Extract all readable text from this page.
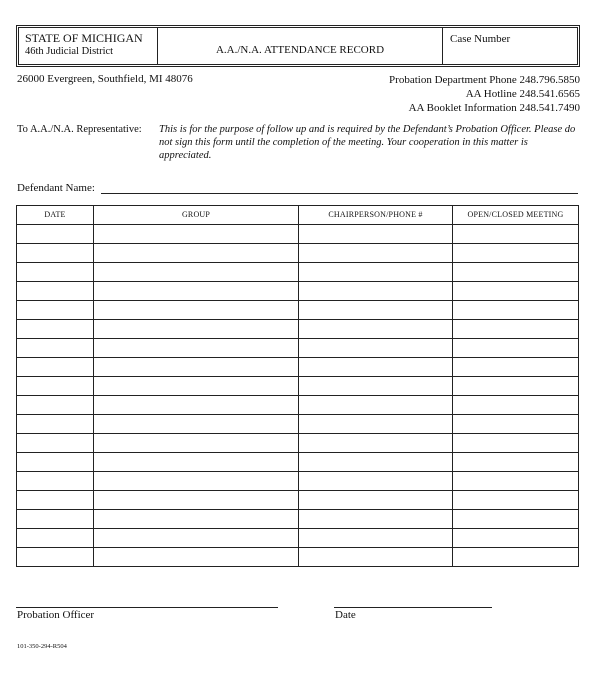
STATE OF MICHIGAN
46th Judicial District	A.A./N.A. ATTENDANCE RECORD
Case Number
26000 Evergreen, Southfield, MI 48076	Probation Department Phone 248.796.5850
AA Hotline 248.541.6565
AA Booklet Information 248.541.7490
To A.A./N.A. Representative: This is for the purpose of follow up and is required by the Defendant’s Probation Officer. Please do not sign this form until the completion of the meeting. Your cooperation in this matter is appreciated.
Defendant Name:
DATE	GROUP	CHAIRPERSON/PHONE #	OPEN/CLOSED MEETING
Probation Officer	Date
101-350-294-R504
